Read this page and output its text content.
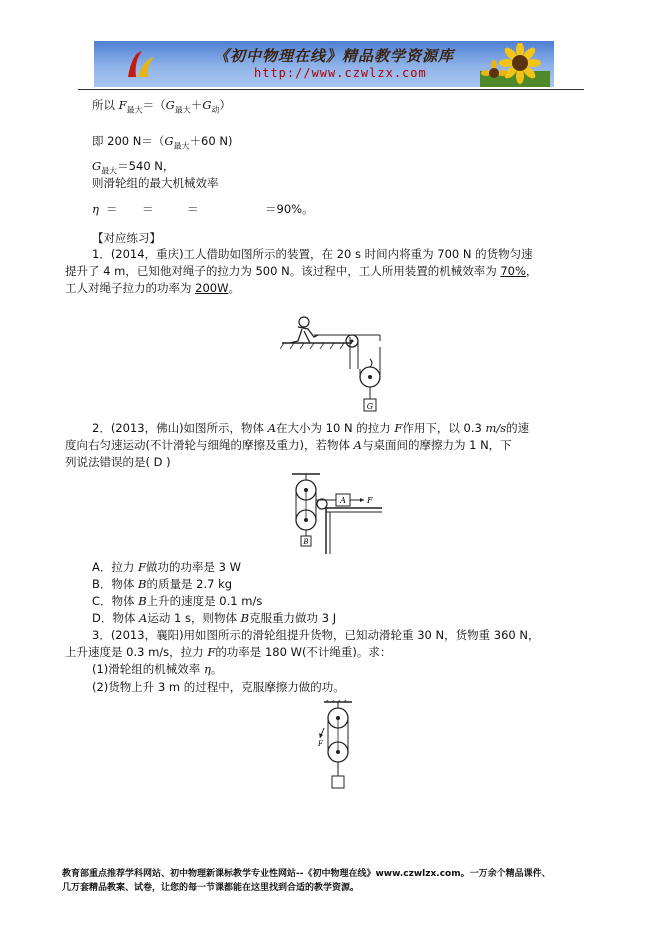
《初中物理在线》精品教学资源库
http://www.czwlzx.com
所以 $F_{最大}=(G_{最大}+G_动)$
即 200 $N=(G_{最大}+60$ N)
$G_{最大}=540$ N，
则滑轮组的最大机械效率
η ＝ ＝	＝	＝90%。
【对应练习】
1．(2014，重庆)工人借助如图所示的装置，在 20 s 时间内将重为 700 N 的货物匀速
提升了 4 m，已知他对绳子的拉力为 500 N。该过程中，工人所用装置的机械效率为 70%，
工人对绳子拉力的功率为 200W。
G
2．(2013，佛山)如图所示，物体 A在大小为 10 N 的拉力 F作用下，以 0.3 m/s的速
度向右匀速运动(不计滑轮与细绳的摩擦及重力)，若物体 A与桌面间的摩擦力为 1 N，下
列说法错误的是( D )
B
A	F
A．拉力 F做功的功率是 3 W
B．物体 B的质量是 2.7 kg
C．物体 B上升的速度是 0.1 m/s
D．物体 A运动 1 s，则物体 B克服重力做功 3 J
3．(2013，襄阳)用如图所示的滑轮组提升货物，已知动滑轮重 30 N，货物重 360 N，
上升速度是 0.3 m/s，拉力 F的功率是 180 W(不计绳重)。求：
(1)滑轮组的机械效率 η。
(2)货物上升 3 m 的过程中，克服摩擦力做的功。
F
教育部重点推荐学科网站、初中物理新课标教学专业性网站--《初中物理在线》www.czwlzx.com。一万余个精品课件、
几万套精品教案、试卷，让您的每一节课都能在这里找到合适的教学资源。
